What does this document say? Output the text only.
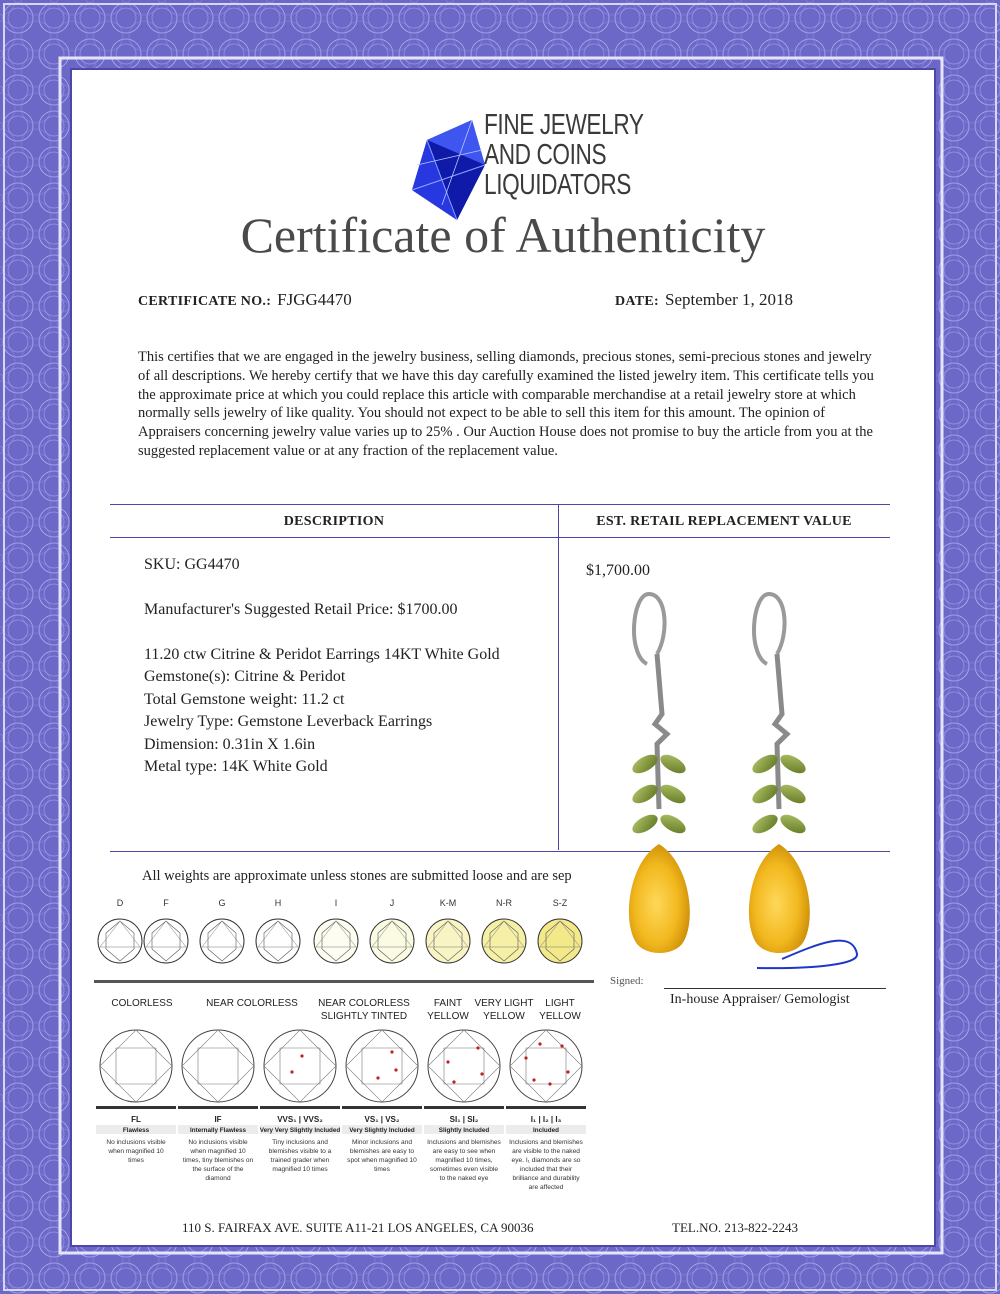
FINE JEWELRY
AND COINS
LIQUIDATORS
Certificate of Authenticity
CERTIFICATE NO.: FJGG4470	DATE: September 1, 2018
This certifies that we are engaged in the jewelry business, selling diamonds, precious stones, semi-precious stones and jewelry of all descriptions. We hereby certify that we have this day carefully examined the listed jewelry item. This certificate tells you the approximate price at which you could replace this article with comparable merchandise at a retail jewelry store at which normally sells jewelry of like quality. You should not expect to be able to sell this item for this amount. The opinion of Appraisers concerning jewelry value varies up to 25% . Our Auction House does not promise to buy the article from you at the suggested replacement value or at any fraction of the replacement value.
DESCRIPTION	EST. RETAIL REPLACEMENT VALUE
SKU: GG4470
Manufacturer's Suggested Retail Price: $1700.00
11.20 ctw Citrine & Peridot Earrings 14KT White Gold
Gemstone(s): Citrine & Peridot
Total Gemstone weight: 11.2 ct
Jewelry Type: Gemstone Leverback Earrings
Dimension: 0.31in X 1.6in
Metal type: 14K White Gold
$1,700.00
All weights are approximate unless stones are submitted loose and are sep
Signed:
In-house Appraiser/ Gemologist
D	F	G	H	I	J	K-M	N-R	S-Z
COLORLESS	NEAR COLORLESS NEAR COLORLESS
SLIGHTLY TINTED
FAINT
YELLOW
VERY LIGHT
YELLOW
LIGHT
YELLOW
FL
Flawless
No inclusions visible
when magnified 10
times
IF
Internally Flawless
No inclusions visible
when magnified 10
times, tiny blemishes on
the surface of the
diamond
VVS₁ | VVS₂
Very Very Slightly Included
Tiny inclusions and
blemishes visible to a
trained grader when
magnified 10 times
VS₁ | VS₂
Very Slightly Included
Minor inclusions and
blemishes are easy to
spot when magnified 10
times
SI₁ | SI₂
Slightly Included
Inclusions and blemishes
are easy to see when
magnified 10 times,
sometimes even visible
to the naked eye
I₁ | I₂ | I₃
Included
Inclusions and blemishes
are visible to the naked
eye. I₁ diamonds are so
included that their
brilliance and durability
are affected
110 S. FAIRFAX AVE. SUITE A11-21 LOS ANGELES, CA 90036	TEL.NO. 213-822-2243
